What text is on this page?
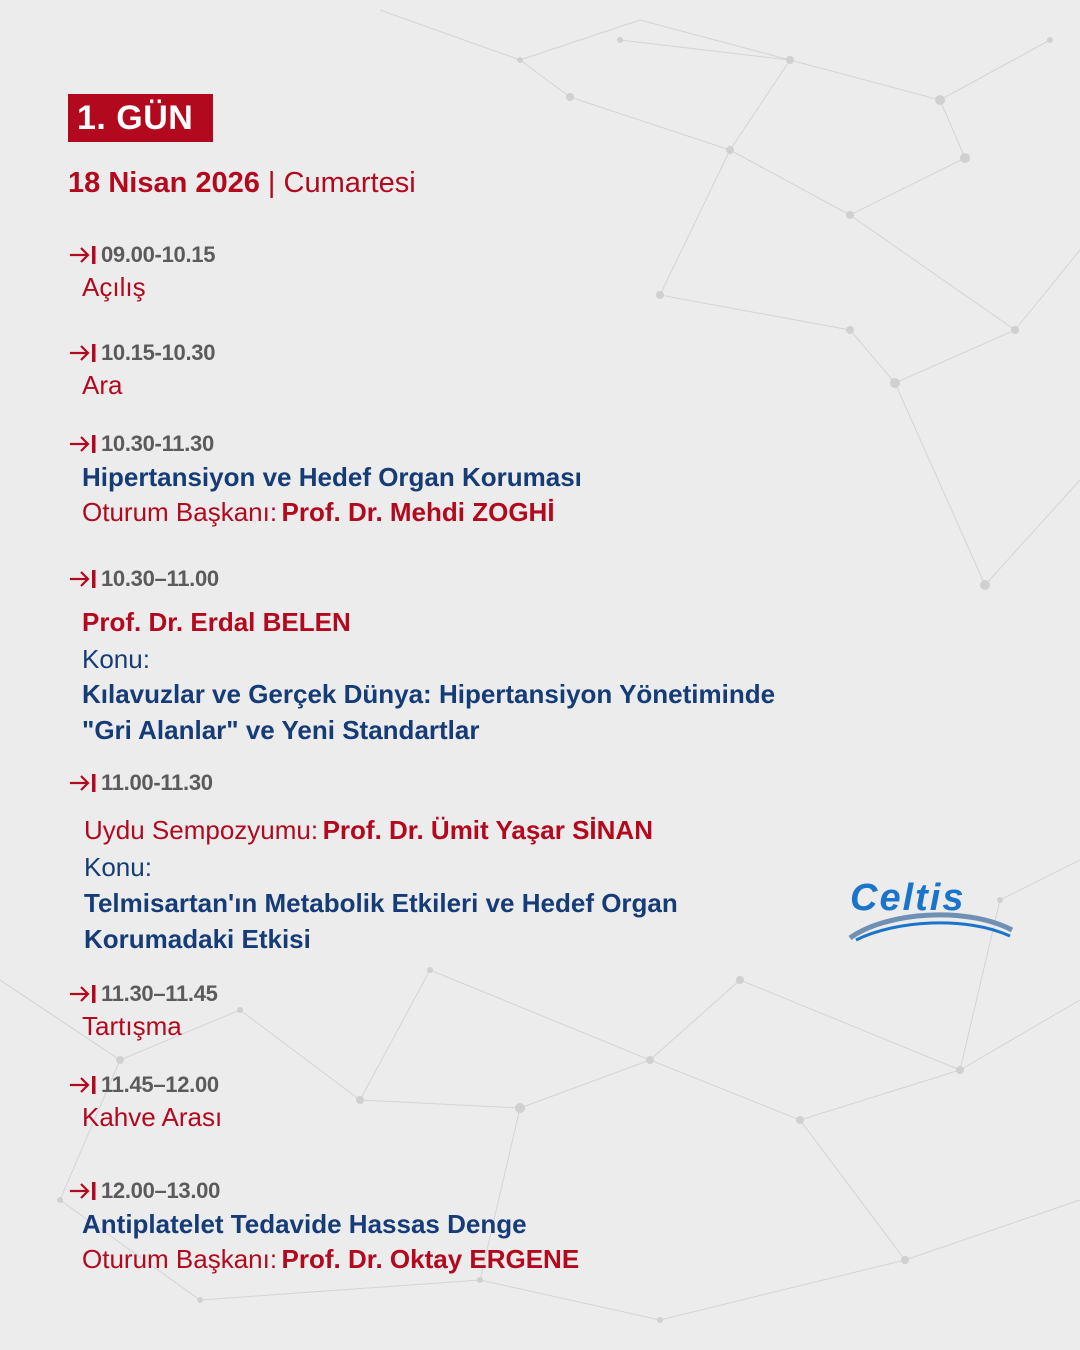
1. GÜN
18 Nisan 2026 | Cumartesi
09.00-10.15
Açılış
10.15-10.30
Ara
10.30-11.30
Hipertansiyon ve Hedef Organ Koruması
Oturum Başkanı: Prof. Dr. Mehdi ZOGHİ
10.30–11.00
Prof. Dr. Erdal BELEN
Konu:
Kılavuzlar ve Gerçek Dünya: Hipertansiyon Yönetiminde
"Gri Alanlar" ve Yeni Standartlar
11.00-11.30
Uydu Sempozyumu: Prof. Dr. Ümit Yaşar SİNAN
Konu:
Telmisartan'ın Metabolik Etkileri ve Hedef Organ
Korumadaki Etkisi
Celtis
11.30–11.45
Tartışma
11.45–12.00
Kahve Arası
12.00–13.00
Antiplatelet Tedavide Hassas Denge
Oturum Başkanı: Prof. Dr. Oktay ERGENE
